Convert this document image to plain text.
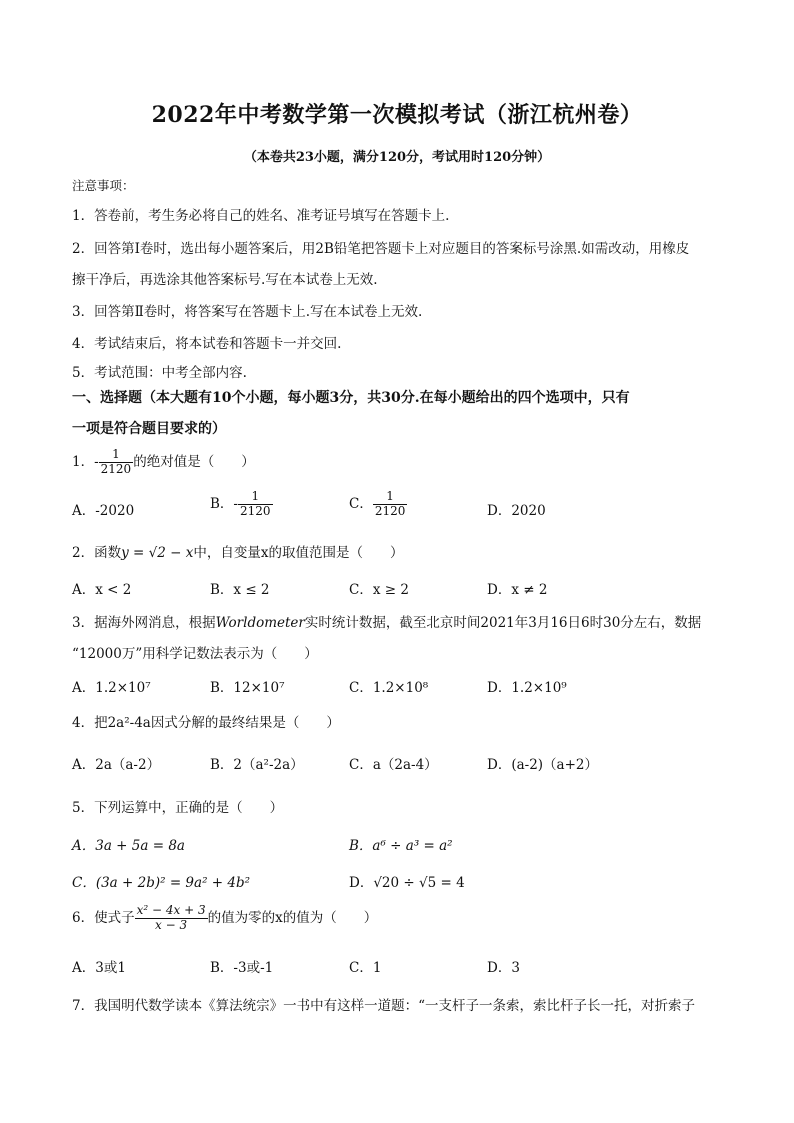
2022年中考数学第一次模拟考试（浙江杭州卷）
（本卷共23小题，满分120分，考试用时120分钟）
注意事项：
1．答卷前，考生务必将自己的姓名、准考证号填写在答题卡上.
2．回答第Ⅰ卷时，选出每小题答案后，用2B铅笔把答题卡上对应题目的答案标号涂黑.如需改动，用橡皮
擦干净后，再选涂其他答案标号.写在本试卷上无效.
3．回答第Ⅱ卷时，将答案写在答题卡上.写在本试卷上无效.
4．考试结束后，将本试卷和答题卡一并交回.
5．考试范围：中考全部内容.
一、选择题（本大题有10个小题，每小题3分，共30分.在每小题给出的四个选项中，只有
一项是符合题目要求的）
1．- $\frac{1}{2120}$ 的绝对值是（　　）
A．-2020	B．- $\frac{1}{2120}$	C． $\frac{1}{2120}$	D．2020
2．函数y = √2 − x中，自变量x的取值范围是（　　）
A．x < 2	B．x ≤ 2	C．x ≥ 2	D．x ≠ 2
3．据海外网消息，根据Worldometer实时统计数据，截至北京时间2021年3月16日6时30分左右，数据
“12000万”用科学记数法表示为（　　）
A．1.2×10⁷	B．12×10⁷	C．1.2×10⁸	D．1.2×10⁹
4．把2a²-4a因式分解的最终结果是（　　）
A．2a（a-2）	B．2（a²-2a）	C．a（2a-4）	D．(a-2)（a+2）
5．下列运算中，正确的是（　　）
A．3a + 5a = 8a	B．a⁶ ÷ a³ = a²
C．(3a + 2b)² = 9a² + 4b²	D．√20 ÷ √5 = 4
6．使式子 $\frac{\text{x² − 4x + 3}}{x - 3}$ 的值为零的x的值为（　　）
A．3或1	B．-3或-1	C．1	D．3
7．我国明代数学读本《算法统宗》一书中有这样一道题：“一支杆子一条索，索比杆子长一托，对折索子
